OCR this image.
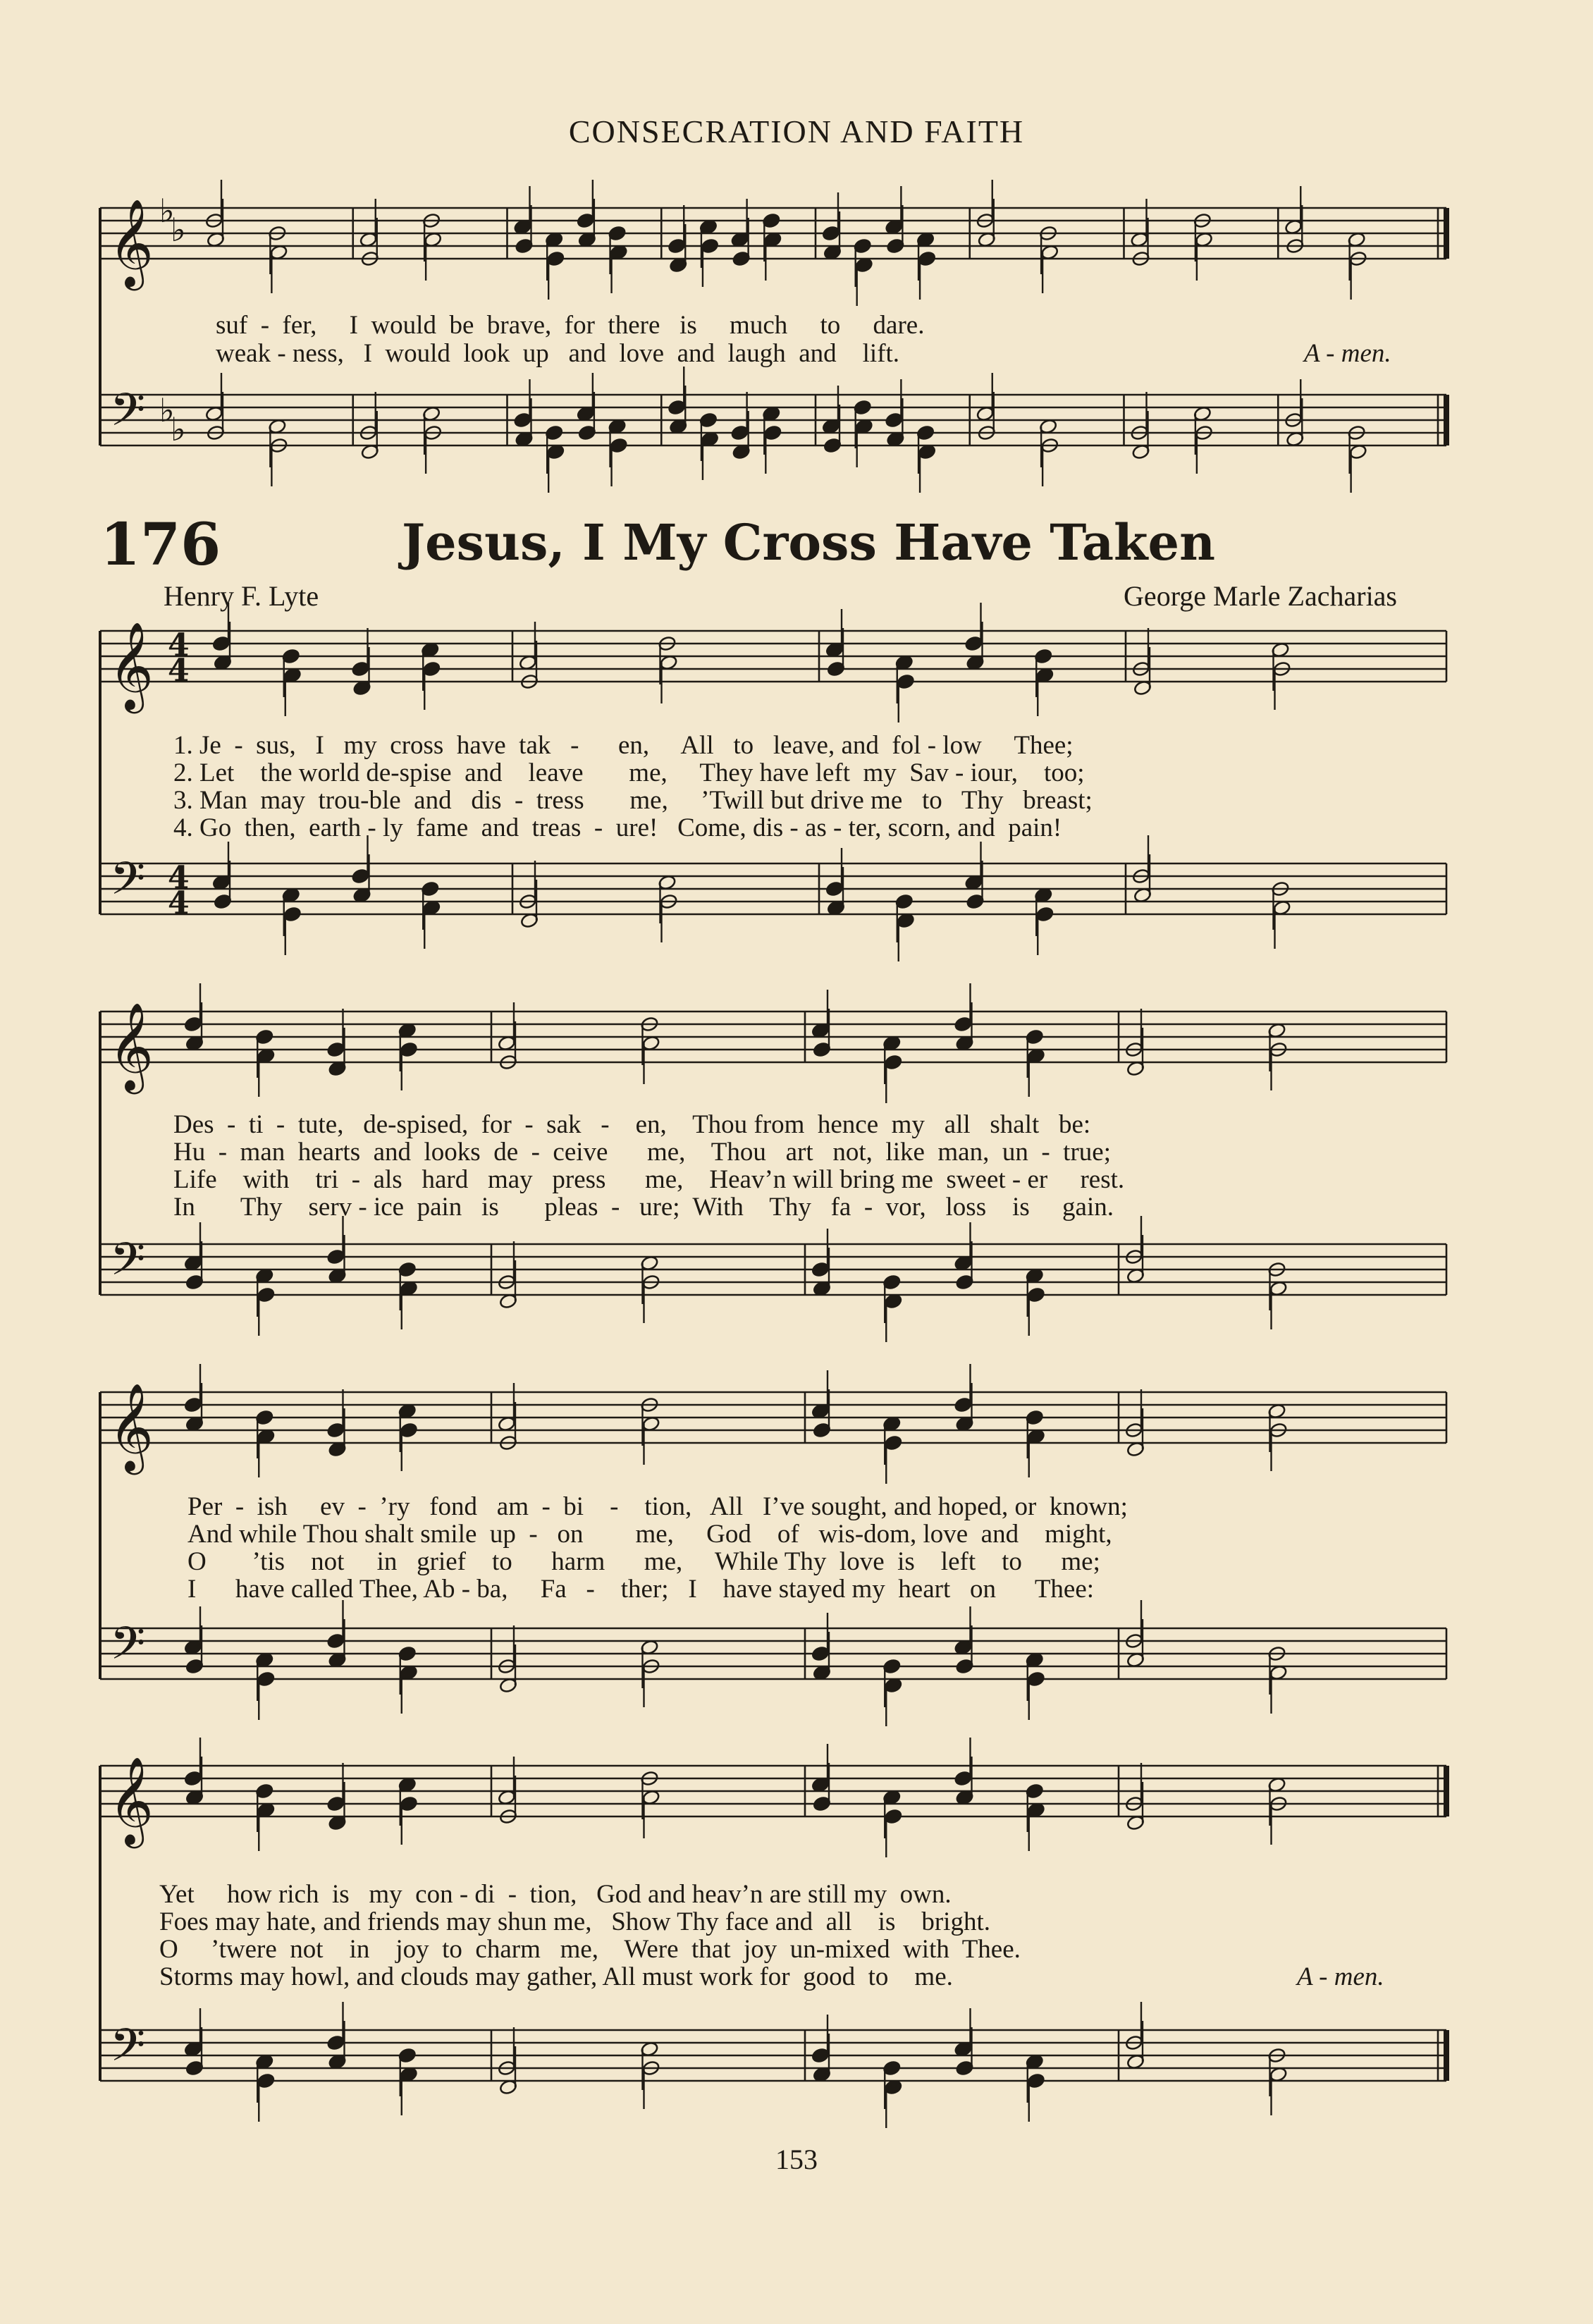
CONSECRATION AND FAITH
suf  -  fer,     I  would  be  brave,  for  there   is     much     to     dare.
weak - ness,   I  would  look  up   and  love  and  laugh  and    lift.	A - men.
176	Jesus, I My Cross Have Taken
Henry F. Lyte	George Marle Zacharias
1. Je  -  sus,   I   my  cross  have  tak   -      en,     All   to   leave, and  fol - low     Thee;
2. Let    the world de-spise  and    leave       me,     They have left  my  Sav - iour,    too;
3. Man  may  trou-ble  and   dis  -  tress       me,     ’Twill but drive me   to   Thy   breast;
4. Go  then,  earth - ly  fame  and  treas  -  ure!   Come, dis - as - ter, scorn, and  pain!
Des  -  ti  -  tute,   de-spised,  for  -  sak   -    en,    Thou from  hence  my   all   shalt   be:
Hu  -  man  hearts  and  looks  de  -  ceive      me,    Thou   art   not,  like  man,  un  -  true;
Life    with    tri  -  als   hard   may   press      me,    Heav’n will bring me  sweet - er     rest.
In       Thy    serv - ice  pain   is       pleas  -   ure;  With    Thy   fa  -  vor,   loss    is     gain.
Per  -  ish     ev  -  ’ry   fond   am  -  bi    -    tion,   All   I’ve sought, and hoped, or  known;
And while Thou shalt smile  up  -   on        me,     God    of   wis-dom, love  and    might,
O       ’tis    not     in   grief    to      harm      me,     While Thy  love  is    left    to      me;
I      have called Thee, Ab - ba,     Fa   -    ther;   I    have stayed my  heart   on      Thee:
Yet     how rich  is   my  con - di  -  tion,   God and heav’n are still my  own.
Foes may hate, and friends may shun me,   Show Thy face and  all    is    bright.
O     ’twere  not    in    joy  to  charm   me,    Were  that  joy  un-mixed  with  Thee.
Storms may howl, and clouds may gather, All must work for  good  to    me.	A - men.
153
𝄞
𝄢
♭
♭
♭
♭
𝄞
𝄢
4
4
4
4
𝄞
𝄢
𝄞
𝄢
𝄞
𝄢
